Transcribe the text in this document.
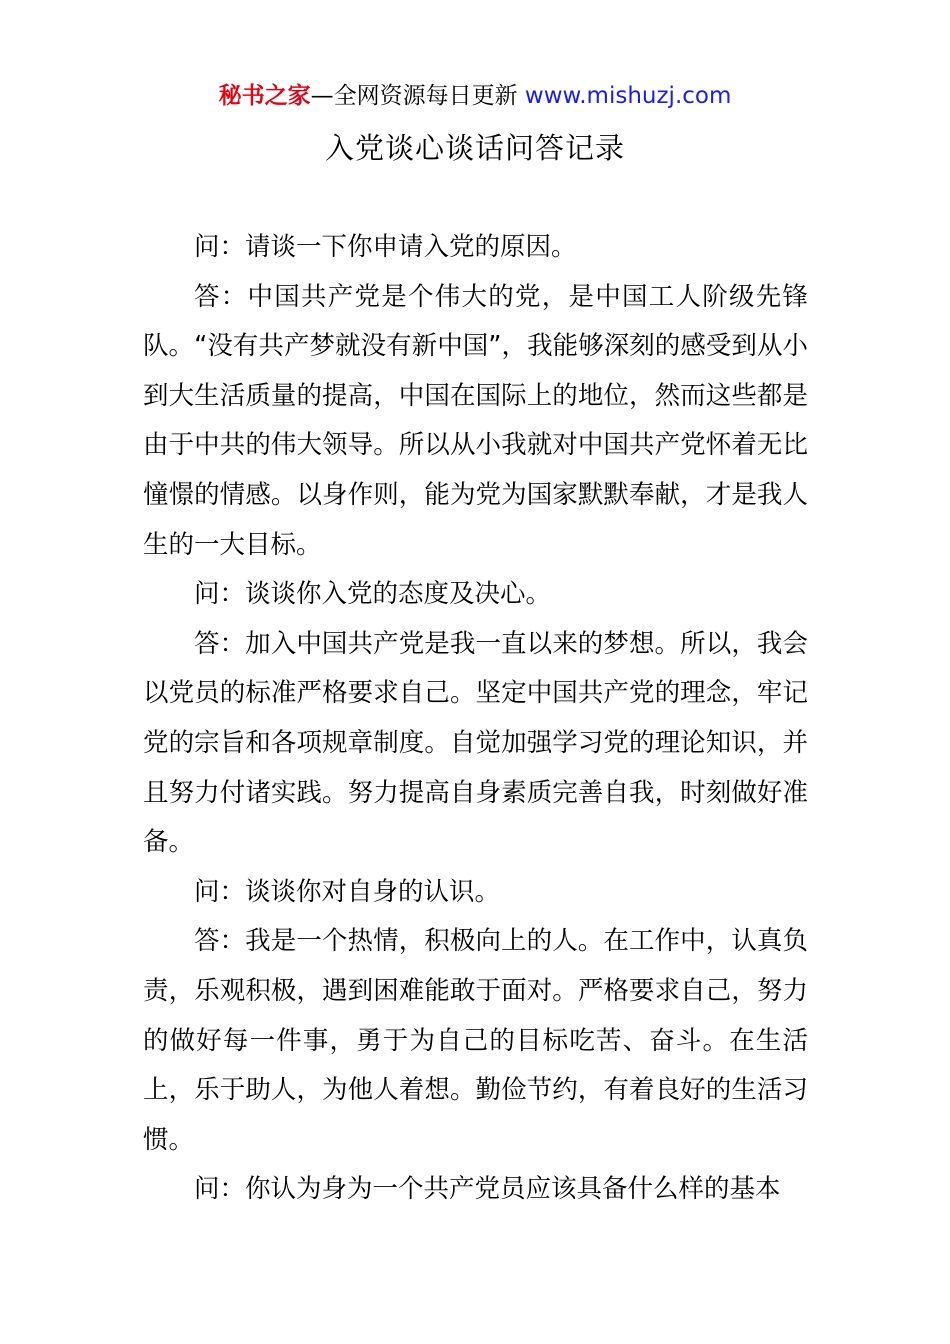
秘书之家—全网资源每日更新 www.mishuzj.com
入党谈心谈话问答记录

问：请谈一下你申请入党的原因。

答：中国共产党是个伟大的党，是中国工人阶级先锋队。“没有共产梦就没有新中国”，我能够深刻的感受到从小到大生活质量的提高，中国在国际上的地位，然而这些都是由于中共的伟大领导。所以从小我就对中国共产党怀着无比憧憬的情感。以身作则，能为党为国家默默奉献，才是我人生的一大目标。

问：谈谈你入党的态度及决心。

答：加入中国共产党是我一直以来的梦想。所以，我会以党员的标准严格要求自己。坚定中国共产党的理念，牢记党的宗旨和各项规章制度。自觉加强学习党的理论知识，并且努力付诸实践。努力提高自身素质完善自我，时刻做好准备。

问：谈谈你对自身的认识。

答：我是一个热情，积极向上的人。在工作中，认真负责，乐观积极，遇到困难能敢于面对。严格要求自己，努力的做好每一件事，勇于为自己的目标吃苦、奋斗。在生活上，乐于助人，为他人着想。勤俭节约，有着良好的生活习惯。

问：你认为身为一个共产党员应该具备什么样的基本
